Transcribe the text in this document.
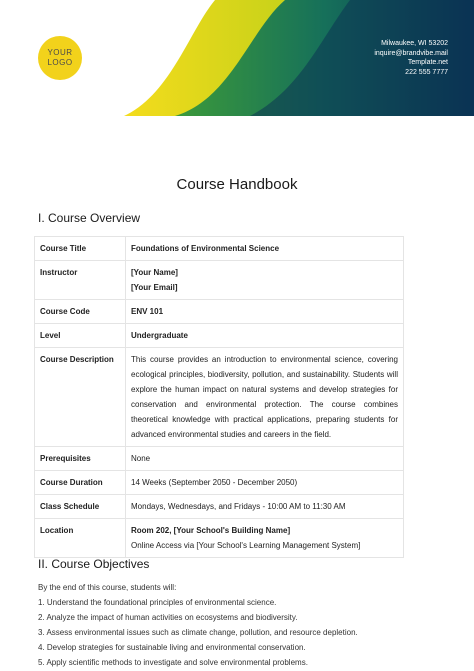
YOUR
LOGO
Milwaukee, WI 53202
inquire@brandvibe.mail
Template.net
222 555 7777
Course Handbook
I. Course Overview
Course Title	Foundations of Environmental Science
Instructor	[Your Name]
[Your Email]

Course Code	ENV 101
Level	Undergraduate
Course Description	This course provides an introduction to environmental science, covering ecological principles, biodiversity, pollution, and sustainability. Students will explore the human impact on natural systems and develop strategies for conservation and environmental protection. The course combines theoretical knowledge with practical applications, preparing students for advanced environmental studies and careers in the field.
Prerequisites	None
Course Duration	14 Weeks (September 2050 - December 2050)
Class Schedule	Mondays, Wednesdays, and Fridays - 10:00 AM to 11:30 AM
Location	Room 202, [Your School's Building Name]
Online Access via [Your School's Learning Management System]
II. Course Objectives
By the end of this course, students will:
1. Understand the foundational principles of environmental science.
2. Analyze the impact of human activities on ecosystems and biodiversity.
3. Assess environmental issues such as climate change, pollution, and resource depletion.
4. Develop strategies for sustainable living and environmental conservation.
5. Apply scientific methods to investigate and solve environmental problems.
